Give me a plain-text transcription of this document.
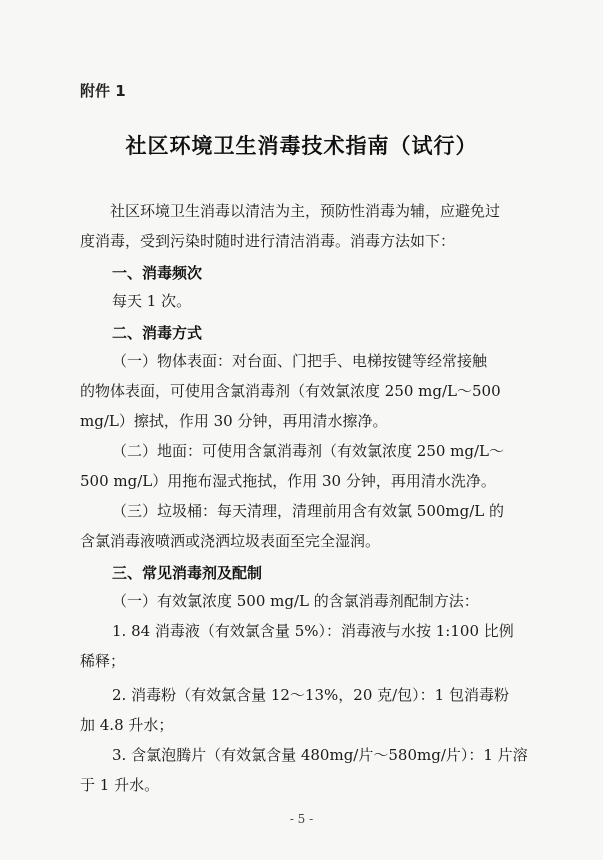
附件 1
社区环境卫生消毒技术指南（试行）
社区环境卫生消毒以清洁为主，预防性消毒为辅，应避免过
度消毒，受到污染时随时进行清洁消毒。消毒方法如下：
一、消毒频次
每天 1 次。
二、消毒方式
（一）物体表面：对台面、门把手、电梯按键等经常接触
的物体表面，可使用含氯消毒剂（有效氯浓度 250 mg/L～500
mg/L）擦拭，作用 30 分钟，再用清水擦净。
（二）地面：可使用含氯消毒剂（有效氯浓度 250 mg/L～
500 mg/L）用拖布湿式拖拭，作用 30 分钟，再用清水洗净。
（三）垃圾桶：每天清理，清理前用含有效氯 500mg/L 的
含氯消毒液喷洒或浇洒垃圾表面至完全湿润。
三、常见消毒剂及配制
（一）有效氯浓度 500 mg/L 的含氯消毒剂配制方法：
1. 84 消毒液（有效氯含量 5%）：消毒液与水按 1:100 比例
稀释；
2. 消毒粉（有效氯含量 12～13%，20 克/包）：1 包消毒粉
加 4.8 升水；
3. 含氯泡腾片（有效氯含量 480mg/片～580mg/片）：1 片溶
于 1 升水。
- 5 -
